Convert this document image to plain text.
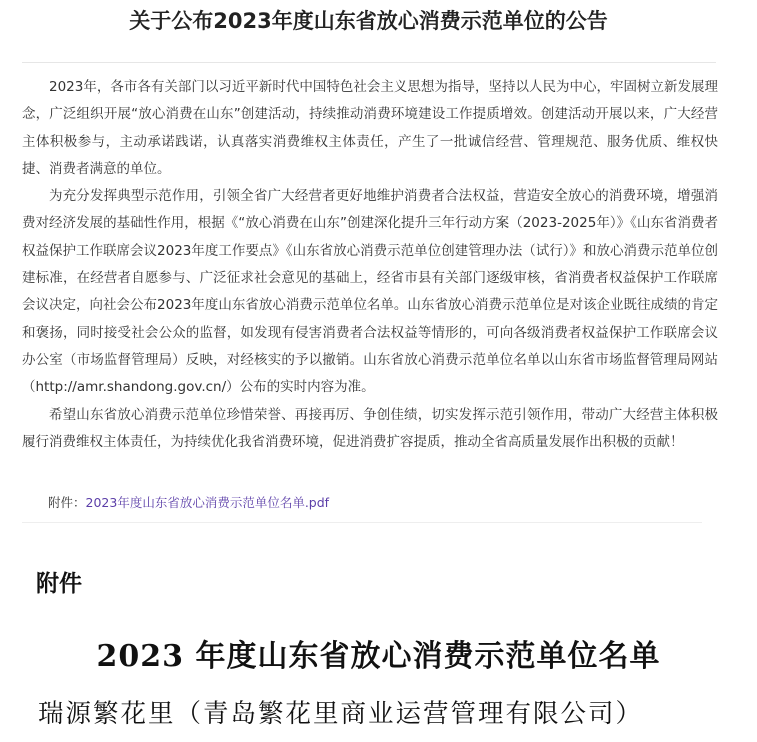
关于公布2023年度山东省放心消费示范单位的公告

2023年，各市各有关部门以习近平新时代中国特色社会主义思想为指导，坚持以人民为中心，牢固树立新发展理念，广泛组织开展“放心消费在山东”创建活动，持续推动消费环境建设工作提质增效。创建活动开展以来，广大经营主体积极参与，主动承诺践诺，认真落实消费维权主体责任，产生了一批诚信经营、管理规范、服务优质、维权快捷、消费者满意的单位。

为充分发挥典型示范作用，引领全省广大经营者更好地维护消费者合法权益，营造安全放心的消费环境，增强消费对经济发展的基础性作用，根据《“放心消费在山东”创建深化提升三年行动方案（2023-2025年）》《山东省消费者权益保护工作联席会议2023年度工作要点》《山东省放心消费示范单位创建管理办法（试行）》和放心消费示范单位创建标准，在经营者自愿参与、广泛征求社会意见的基础上，经省市县有关部门逐级审核，省消费者权益保护工作联席会议决定，向社会公布2023年度山东省放心消费示范单位名单。山东省放心消费示范单位是对该企业既往成绩的肯定和褒扬，同时接受社会公众的监督，如发现有侵害消费者合法权益等情形的，可向各级消费者权益保护工作联席会议办公室（市场监督管理局）反映，对经核实的予以撤销。山东省放心消费示范单位名单以山东省市场监督管理局网站（http://amr.shandong.gov.cn/）公布的实时内容为准。

希望山东省放心消费示范单位珍惜荣誉、再接再厉、争创佳绩，切实发挥示范引领作用，带动广大经营主体积极履行消费维权主体责任，为持续优化我省消费环境，促进消费扩容提质，推动全省高质量发展作出积极的贡献！

附件：2023年度山东省放心消费示范单位名单.pdf
附件
2023 年度山东省放心消费示范单位名单
瑞源繁花里（青岛繁花里商业运营管理有限公司）
